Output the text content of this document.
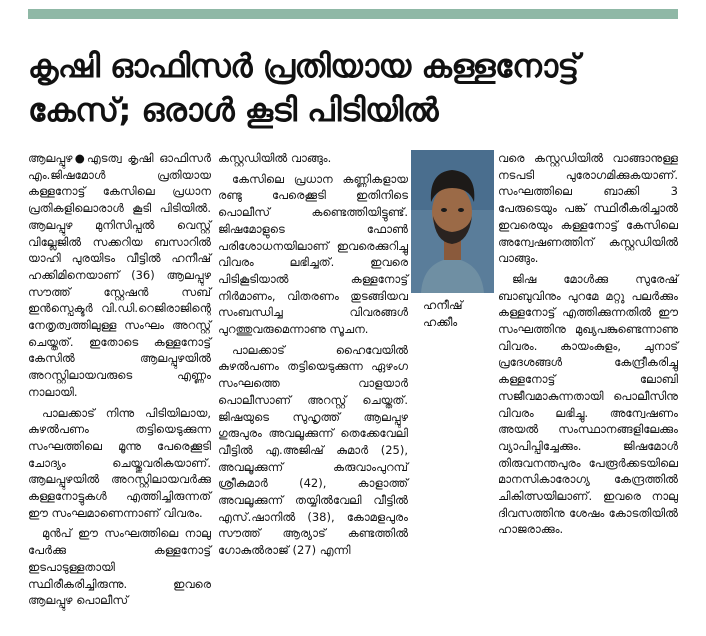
കൃഷി ഓഫിസർ പ്രതിയായ കള്ളനോട്ട്
കേസ്; ഒരാൾ കൂടി പിടിയിൽ

ആലപ്പുഴ●എടത്വ കൃഷി ഓഫിസർ എം.ജിഷമോൾ പ്രതിയായ കള്ളനോട്ട് കേസിലെ പ്രധാന പ്രതികളിലൊരാൾ കൂടി പിടിയിൽ. ആലപ്പുഴ മുനിസിപ്പൽ വെസ്റ്റ് വില്ലേജിൽ സക്കറിയ ബസാറിൽ യാഹി പുരയിടം വീട്ടിൽ ഹനീഷ് ഹക്കിമിനെയാണ് (36) ആലപ്പുഴ സൗത്ത് സ്റ്റേഷൻ സബ് ഇൻസ്പെക്ടർ വി.ഡി.റെജിരാജിന്റെ നേതൃത്വത്തിലുള്ള സംഘം അറസ്റ്റ് ചെയ്തത്. ഇതോടെ കള്ളനോട്ട് കേസിൽ ആലപ്പുഴയിൽ അറസ്റ്റിലായവരുടെ എണ്ണം നാലായി.

പാലക്കാട് നിന്നു പിടിയിലായ, കുഴൽപണം തട്ടിയെടുക്കുന്ന സംഘത്തിലെ മൂന്നു പേരെക്കൂടി ചോദ്യം ചെയ്തുവരികയാണ്. ആലപ്പുഴയിൽ അറസ്റ്റിലായവർക്കു കള്ളനോട്ടുകൾ എത്തിച്ചിരുന്നത് ഈ സംഘമാണെന്നാണ് വിവരം.

മുൻപ് ഈ സംഘത്തിലെ നാലു പേർക്കു കള്ളനോട്ട് ഇടപാടുള്ളതായി സ്ഥിരീകരിച്ചിരുന്നു. ഇവരെ ആലപ്പുഴ പൊലീസ്

കസ്റ്റഡിയിൽ വാങ്ങും.

കേസിലെ പ്രധാന കണ്ണികളായ രണ്ടു പേരെക്കൂടി ഇതിനിടെ പൊലീസ് കണ്ടെത്തിയിട്ടുണ്ട്. ജിഷമോളുടെ ഫോൺ പരിശോധനയിലാണ് ഇവരെക്കുറിച്ചു വിവരം ലഭിച്ചത്. ഇവരെ പിടികൂടിയാൽ കള്ളനോട്ട് നിർമാണം, വിതരണം തുടങ്ങിയവ സംബന്ധിച്ച വിവരങ്ങൾ പുറത്തുവരുമെന്നാണു സൂചന.

പാലക്കാട് ഹൈവേയിൽ കുഴൽപണം തട്ടിയെടുക്കുന്ന ഏഴംഗ സംഘത്തെ വാളയാർ പൊലീസാണ് അറസ്റ്റ് ചെയ്തത്. ജിഷയുടെ സുഹൃത്ത് ആലപ്പുഴ ഗുരുപുരം അവലൂക്കുന്ന് തെക്കേവേലി വീട്ടിൽ എ.അജിഷ് കുമാർ (25), അവലൂക്കുന്ന് കരുവാംപുറമ്പ് ശ്രീകുമാർ (42), കാളാത്ത് അവലൂക്കുന്ന് തയ്യിൽവേലി വീട്ടിൽ എസ്.ഷാനിൽ (38), കോമളപുരം സൗത്ത് ആര്യാട് കണ്ടത്തിൽ ഗോകുൽരാജ് (27) എന്നി

ഹനീഷ്
ഹക്കീം

വരെ കസ്റ്റഡിയിൽ വാങ്ങാനുള്ള നടപടി പുരോഗമിക്കുകയാണ്. സംഘത്തിലെ ബാക്കി 3 പേരുടെയും പങ്ക് സ്ഥിരീകരിച്ചാൽ ഇവരെയും കള്ളനോട്ട് കേസിലെ അന്വേഷണത്തിന് കസ്റ്റഡിയിൽ വാങ്ങും.

ജിഷ മോൾക്കു സുരേഷ് ബാബുവിനും പുറമേ മറ്റു പലർക്കും കള്ളനോട്ട് എത്തിക്കുന്നതിൽ ഈ സംഘത്തിനു മുഖ്യപങ്കുണ്ടെന്നാണു വിവരം. കായംകുളം, ചുനാട് പ്രദേശങ്ങൾ കേന്ദ്രീകരിച്ചു കള്ളനോട്ട് ലോബി സജീവമാകുന്നതായി പൊലീസിനു വിവരം ലഭിച്ചു. അന്വേഷണം അയൽ സംസ്ഥാനങ്ങളിലേക്കും വ്യാപിപ്പിച്ചേക്കും. ജിഷമോൾ തിരുവനന്തപുരം പേരൂർക്കടയിലെ മാനസികാരോഗ്യ കേന്ദ്രത്തിൽ ചികിത്സയിലാണ്. ഇവരെ നാലു ദിവസത്തിനു ശേഷം കോടതിയിൽ ഹാജരാക്കും.
